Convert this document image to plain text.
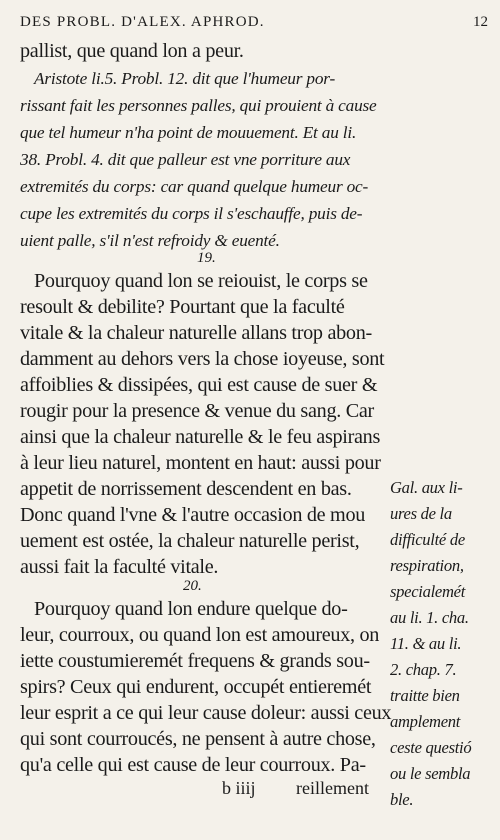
DES PROBL. D'ALEX. APHROD.	12
pallist, que quand lon a peur.
Aristote li.5. Probl. 12. dit que l'humeur por-
rissant fait les personnes palles, qui prouient à cause
que tel humeur n'ha point de mouuement. Et au li.
38. Probl. 4. dit que palleur est vne porriture aux
extremités du corps: car quand quelque humeur oc-
cupe les extremités du corps il s'eschauffe, puis de-
uient palle, s'il n'est refroidy & euenté.
19.
Pourquoy quand lon se reiouist, le corps se
resoult & debilite? Pourtant que la faculté
vitale & la chaleur naturelle allans trop abon-
damment au dehors vers la chose ioyeuse, sont
affoiblies & dissipées, qui est cause de suer &
rougir pour la presence & venue du sang. Car
ainsi que la chaleur naturelle & le feu aspirans
à leur lieu naturel, montent en haut: aussi pour
appetit de norrissement descendent en bas.
Donc quand l'vne & l'autre occasion de mou
uement est ostée, la chaleur naturelle perist,
aussi fait la faculté vitale.
20.
Pourquoy quand lon endure quelque do-
leur, courroux, ou quand lon est amoureux, on
iette coustumieremét frequens & grands sou-
spirs? Ceux qui endurent, occupét entieremét
leur esprit a ce qui leur cause doleur: aussi ceux
qui sont courroucés, ne pensent à autre chose,
qu'a celle qui est cause de leur courroux. Pa-
Gal. aux li-
ures de la
difficulté de
respiration,
specialemét
au li. 1. cha.
11. & au li.
2. chap. 7.
traitte bien
amplement
ceste questió
ou le sembla
ble.
b iiij reillement
